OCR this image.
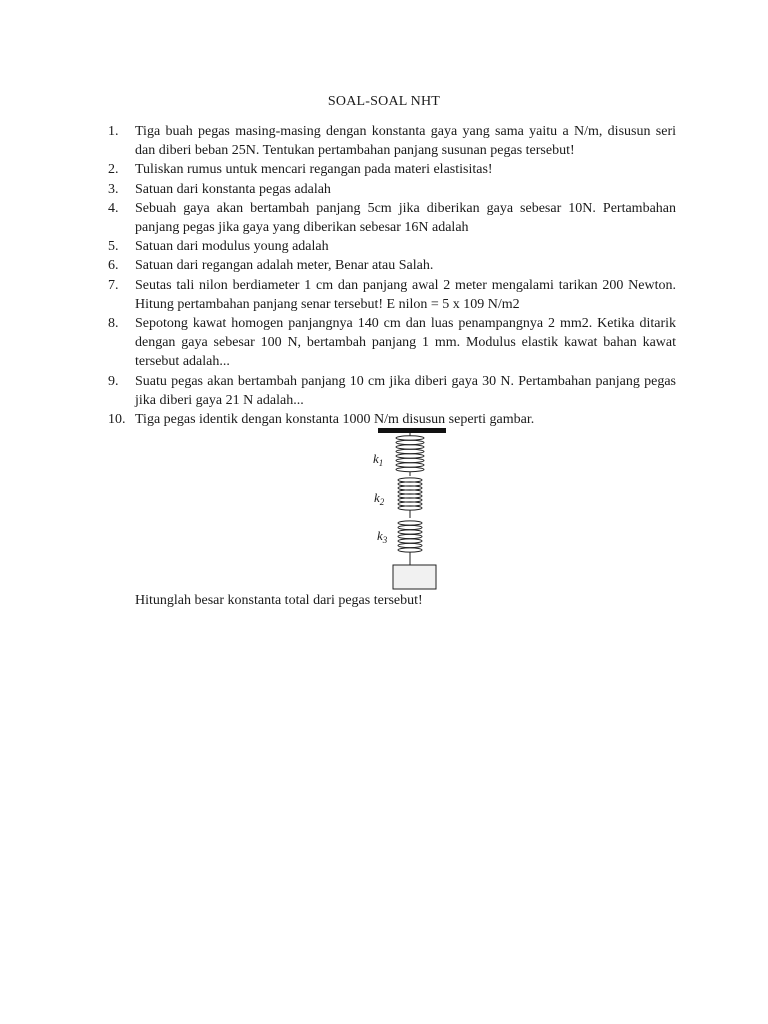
SOAL-SOAL NHT
1.	Tiga buah pegas masing-masing dengan konstanta gaya yang sama yaitu a N/m, disusun seri dan diberi beban 25N. Tentukan pertambahan panjang susunan pegas tersebut!
2.	Tuliskan rumus untuk mencari regangan pada materi elastisitas!
3.	Satuan dari konstanta pegas adalah
4.	Sebuah gaya akan bertambah panjang 5cm jika diberikan gaya sebesar 10N. Pertambahan panjang pegas jika gaya yang diberikan sebesar 16N adalah
5.	Satuan dari modulus young adalah
6.	Satuan dari regangan adalah meter, Benar atau Salah.
7.	Seutas tali nilon berdiameter 1 cm dan panjang awal 2 meter mengalami tarikan 200 Newton. Hitung pertambahan panjang senar tersebut! E nilon = 5 x 109 N/m2
8.	Sepotong kawat homogen panjangnya 140 cm dan luas penampangnya 2 mm2. Ketika ditarik dengan gaya sebesar 100 N, bertambah panjang 1 mm. Modulus elastik kawat bahan kawat tersebut adalah...
9.	Suatu pegas akan bertambah panjang 10 cm jika diberi gaya 30 N. Pertambahan panjang pegas jika diberi gaya 21 N adalah...
10. Tiga pegas identik dengan konstanta 1000 N/m disusun seperti gambar.
$k_1$
$k_2$
$k_3$
Hitunglah besar konstanta total dari pegas tersebut!
